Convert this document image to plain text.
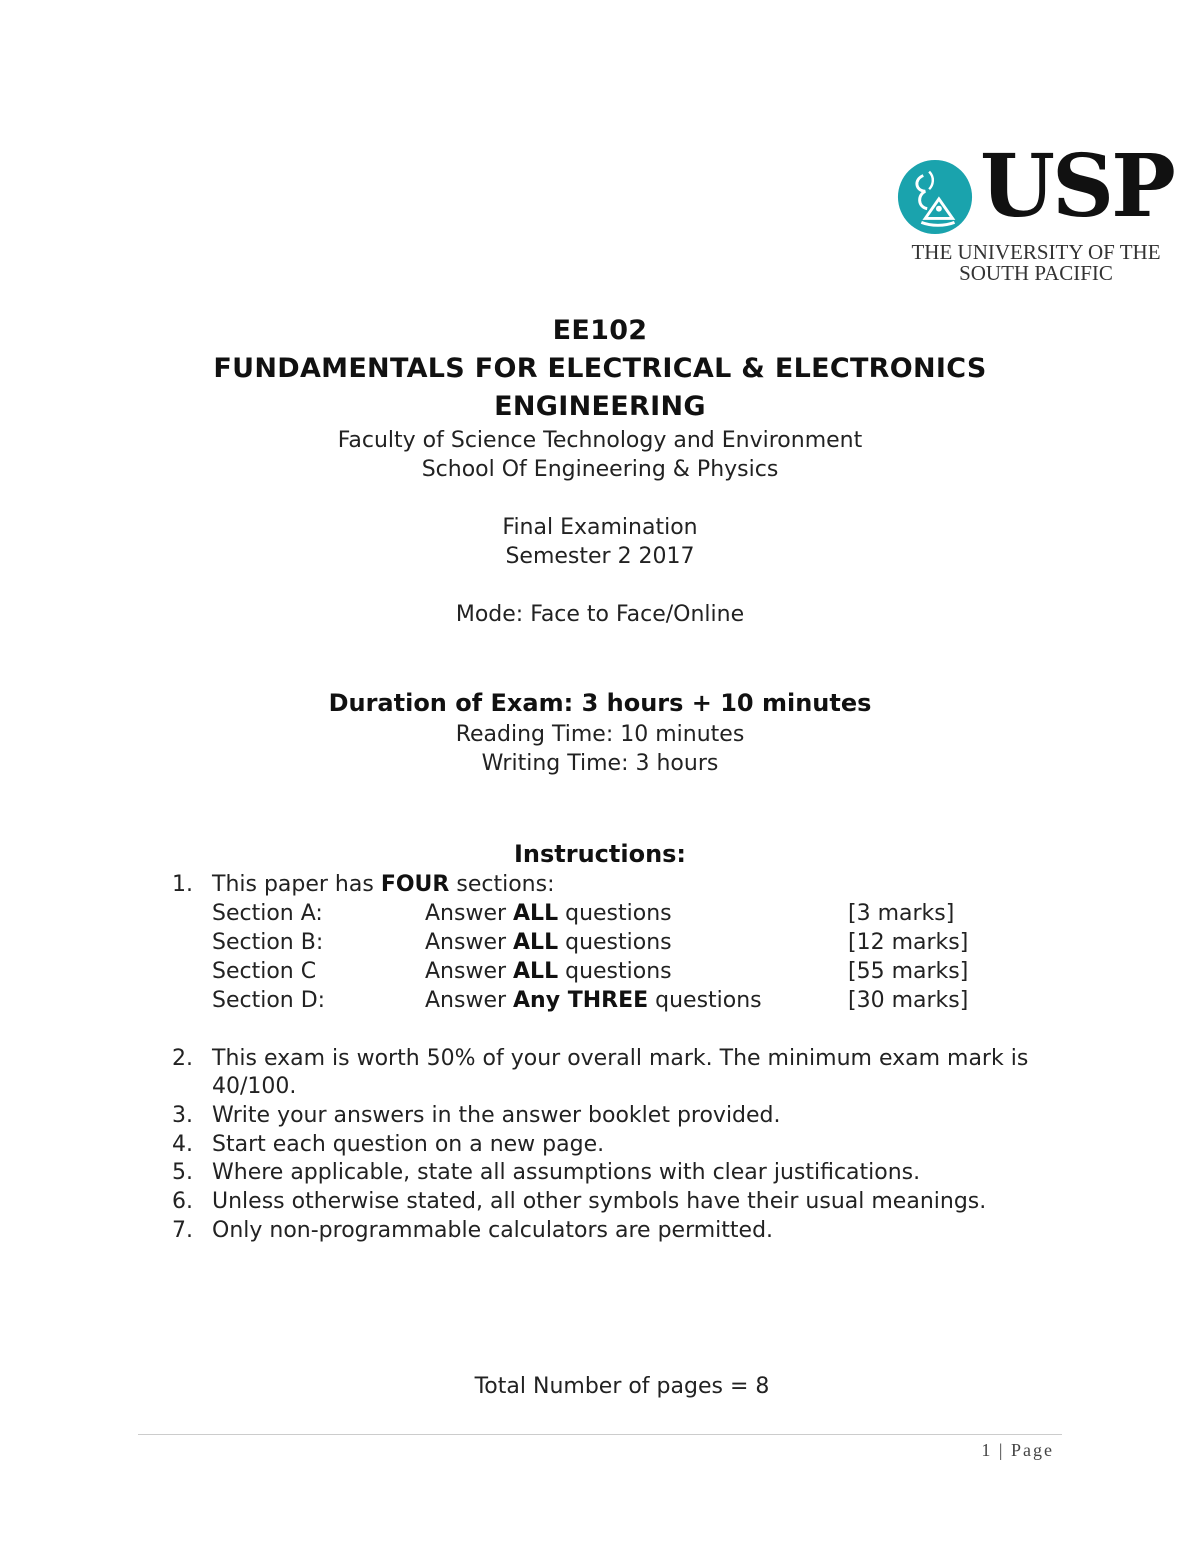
USP
THE UNIVERSITY OF THE
SOUTH PACIFIC
EE102
FUNDAMENTALS FOR ELECTRICAL & ELECTRONICS
ENGINEERING
Faculty of Science Technology and Environment
School Of Engineering & Physics
Final Examination
Semester 2 2017
Mode: Face to Face/Online
Duration of Exam: 3 hours + 10 minutes
Reading Time: 10 minutes
Writing Time: 3 hours
Instructions:
1. This paper has FOUR sections:
Section A:	Answer ALL questions	[3 marks]
Section B:	Answer ALL questions	[12 marks]
Section C	Answer ALL questions	[55 marks]
Section D:	Answer Any THREE questions	[30 marks]
2. This exam is worth 50% of your overall mark. The minimum exam mark is
40/100.
3. Write your answers in the answer booklet provided.
4. Start each question on a new page.
5. Where applicable, state all assumptions with clear justifications.
6. Unless otherwise stated, all other symbols have their usual meanings.
7. Only non-programmable calculators are permitted.
Total Number of pages = 8
1 | Page
